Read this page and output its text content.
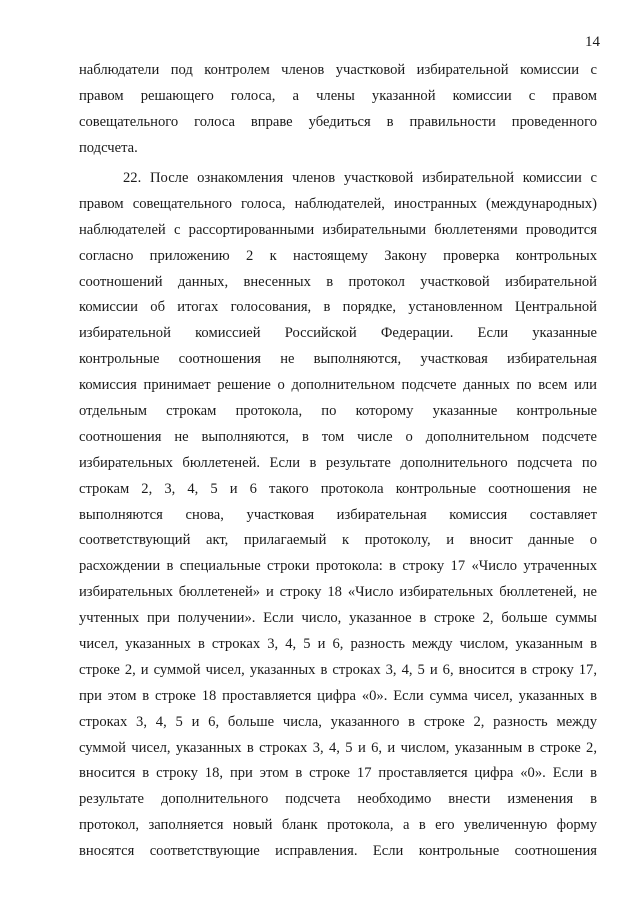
14
наблюдатели под контролем членов участковой избирательной комиссии с
правом решающего голоса, а члены указанной комиссии с правом
совещательного голоса вправе убедиться в правильности проведенного
подсчета.
22. После ознакомления членов участковой избирательной комиссии с
правом совещательного голоса, наблюдателей, иностранных (международных)
наблюдателей с рассортированными избирательными бюллетенями проводится
согласно приложению 2 к настоящему Закону проверка контрольных
соотношений данных, внесенных в протокол участковой избирательной
комиссии об итогах голосования, в порядке, установленном Центральной
избирательной комиссией Российской Федерации. Если указанные
контрольные соотношения не выполняются, участковая избирательная
комиссия принимает решение о дополнительном подсчете данных по всем или
отдельным строкам протокола, по которому указанные контрольные
соотношения не выполняются, в том числе о дополнительном подсчете
избирательных бюллетеней. Если в результате дополнительного подсчета по
строкам 2, 3, 4, 5 и 6 такого протокола контрольные соотношения не
выполняются снова, участковая избирательная комиссия составляет
соответствующий акт, прилагаемый к протоколу, и вносит данные о
расхождении в специальные строки протокола: в строку 17 «Число утраченных
избирательных бюллетеней» и строку 18 «Число избирательных бюллетеней, не
учтенных при получении». Если число, указанное в строке 2, больше суммы
чисел, указанных в строках 3, 4, 5 и 6, разность между числом, указанным в
строке 2, и суммой чисел, указанных в строках 3, 4, 5 и 6, вносится в строку 17,
при этом в строке 18 проставляется цифра «0». Если сумма чисел, указанных в
строках 3, 4, 5 и 6, больше числа, указанного в строке 2, разность между
суммой чисел, указанных в строках 3, 4, 5 и 6, и числом, указанным в строке 2,
вносится в строку 18, при этом в строке 17 проставляется цифра «0». Если в
результате дополнительного подсчета необходимо внести изменения в
протокол, заполняется новый бланк протокола, а в его увеличенную форму
вносятся соответствующие исправления. Если контрольные соотношения
